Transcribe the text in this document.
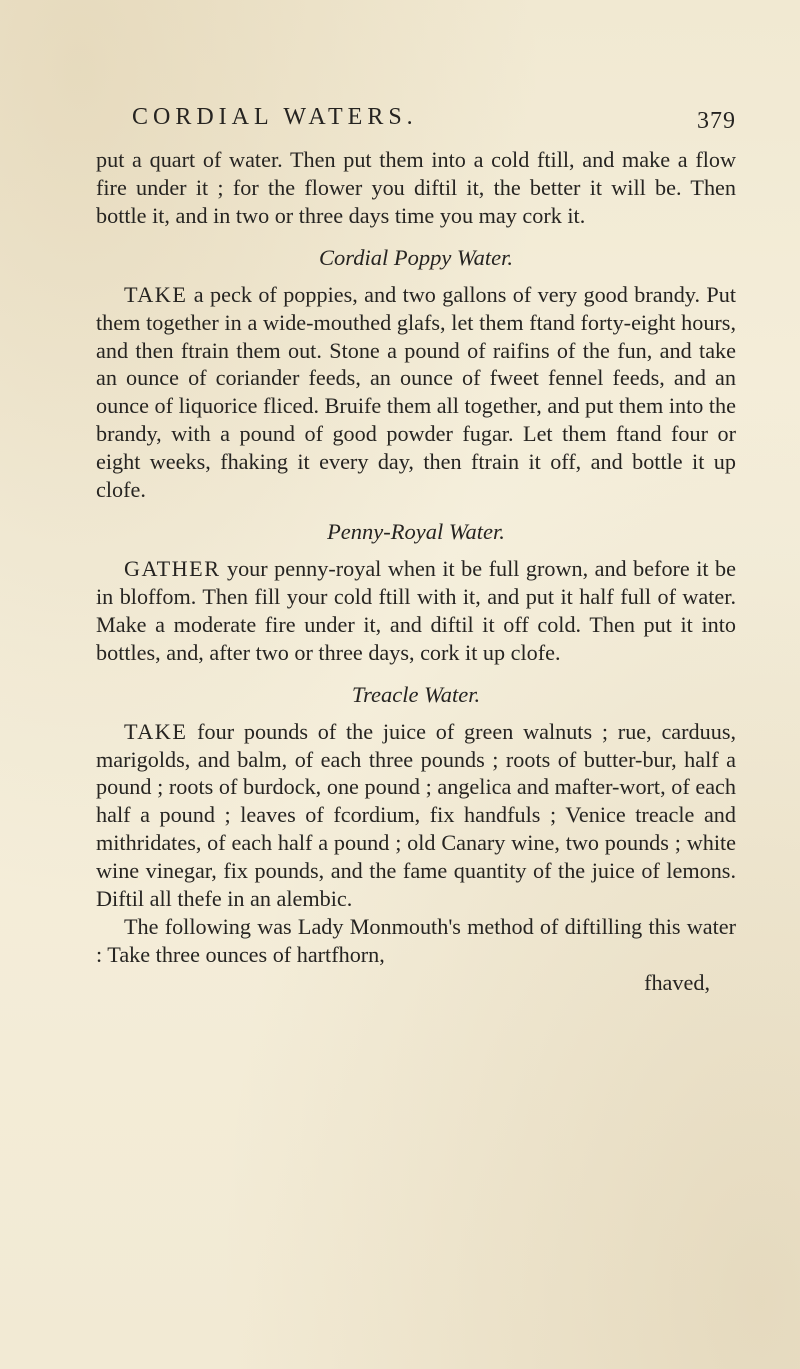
CORDIAL WATERS.	379

put a quart of water. Then put them into a cold ftill, and make a flow fire under it ; for the flower you diftil it, the better it will be. Then bottle it, and in two or three days time you may cork it.

Cordial Poppy Water.

TAKE a peck of poppies, and two gallons of very good brandy. Put them together in a wide-mouthed glafs, let them ftand forty-eight hours, and then ftrain them out. Stone a pound of raifins of the fun, and take an ounce of coriander feeds, an ounce of fweet fennel feeds, and an ounce of liquorice fliced. Bruife them all together, and put them into the brandy, with a pound of good powder fugar. Let them ftand four or eight weeks, fhaking it every day, then ftrain it off, and bottle it up clofe.

Penny-Royal Water.

GATHER your penny-royal when it be full grown, and before it be in bloffom. Then fill your cold ftill with it, and put it half full of water. Make a moderate fire under it, and diftil it off cold. Then put it into bottles, and, after two or three days, cork it up clofe.

Treacle Water.

TAKE four pounds of the juice of green walnuts ; rue, carduus, marigolds, and balm, of each three pounds ; roots of butter-bur, half a pound ; roots of burdock, one pound ; angelica and mafter-wort, of each half a pound ; leaves of fcordium, fix handfuls ; Venice treacle and mithridates, of each half a pound ; old Canary wine, two pounds ; white wine vinegar, fix pounds, and the fame quantity of the juice of lemons. Diftil all thefe in an alembic.

The following was Lady Monmouth's method of diftilling this water : Take three ounces of hartfhorn,

fhaved,
